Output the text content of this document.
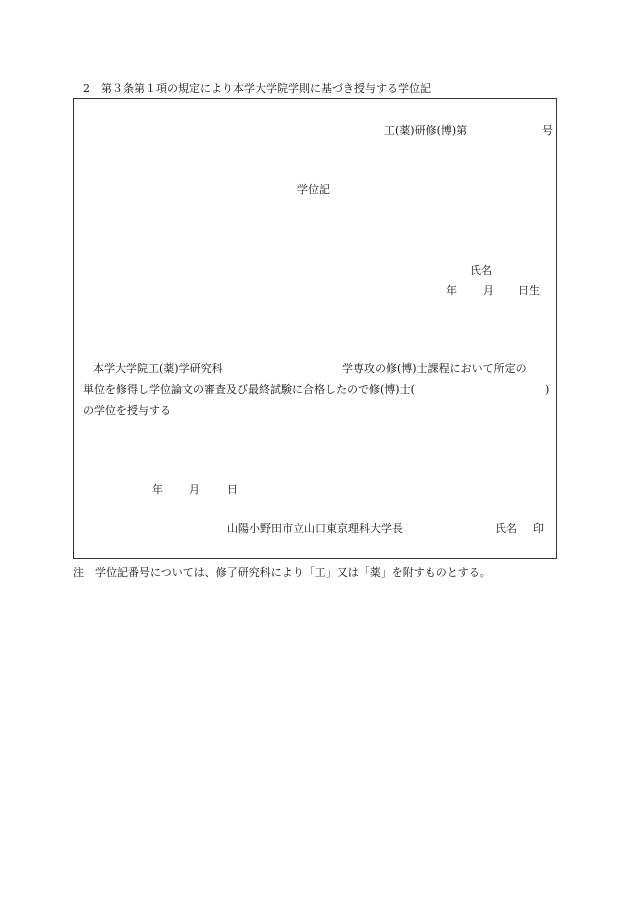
2　第３条第１項の規定により本学大学院学則に基づき授与する学位記
工(薬)研修(博)第	号
学位記
氏名
年 月 日生
本学大学院工(薬)学研究科	学専攻の修(博)士課程において所定の
単位を修得し学位論文の審査及び最終試験に合格したので修(博)士(	)
の学位を授与する
年 月 日
山陽小野田市立山口東京理科大学長	氏名 印
注　学位記番号については、修了研究科により「工」又は「薬」を附すものとする。
